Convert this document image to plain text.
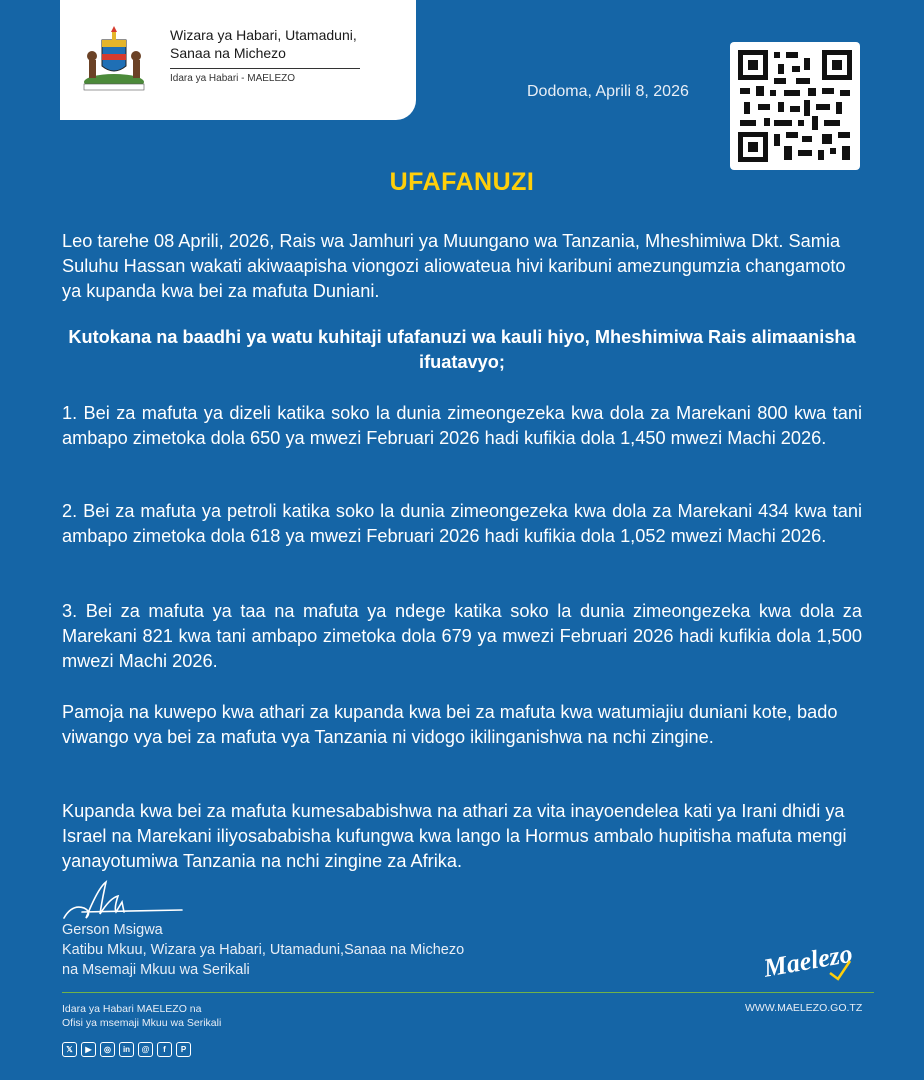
Wizara ya Habari, Utamaduni,
Sanaa na Michezo
Idara ya Habari - MAELEZO
Dodoma, Aprili 8, 2026
UFAFANUZI
Leo tarehe 08 Aprili, 2026, Rais wa Jamhuri ya Muungano wa Tanzania, Mheshimiwa Dkt. Samia Suluhu Hassan wakati akiwaapisha viongozi aliowateua hivi karibuni amezungumzia changamoto ya kupanda kwa bei za mafuta Duniani.
Kutokana na baadhi ya watu kuhitaji ufafanuzi wa kauli hiyo, Mheshimiwa Rais alimaanisha ifuatavyo;
1. Bei za mafuta ya dizeli katika soko la dunia zimeongezeka kwa dola za Marekani 800 kwa tani ambapo zimetoka dola 650 ya mwezi Februari 2026 hadi kufikia dola 1,450 mwezi Machi 2026.
2. Bei za mafuta ya petroli katika soko la dunia zimeongezeka kwa dola za Marekani 434 kwa tani ambapo zimetoka dola 618 ya mwezi Februari 2026 hadi kufikia dola 1,052 mwezi Machi 2026.
3. Bei za mafuta ya taa na mafuta ya ndege katika soko la dunia zimeongezeka kwa dola za Marekani 821 kwa tani ambapo zimetoka dola 679 ya mwezi Februari 2026 hadi kufikia dola 1,500 mwezi Machi 2026.
Pamoja na kuwepo kwa athari za kupanda kwa bei za mafuta kwa watumiajiu duniani kote, bado viwango vya bei za mafuta vya Tanzania ni vidogo ikilinganishwa na nchi zingine.
Kupanda kwa bei za mafuta kumesababishwa na athari za vita inayoendelea kati ya Irani dhidi ya Israel na Marekani iliyosababisha kufungwa kwa lango la Hormus ambalo hupitisha mafuta mengi yanayotumiwa Tanzania na nchi zingine za Afrika.
Gerson Msigwa
Katibu Mkuu, Wizara ya Habari, Utamaduni,Sanaa na Michezo
na Msemaji Mkuu wa Serikali	Maelezo
Idara ya Habari MAELEZO na
Ofisi ya msemaji Mkuu wa Serikali
WWW.MAELEZO.GO.TZ
𝕏	▶	◎	in	@	f	P
